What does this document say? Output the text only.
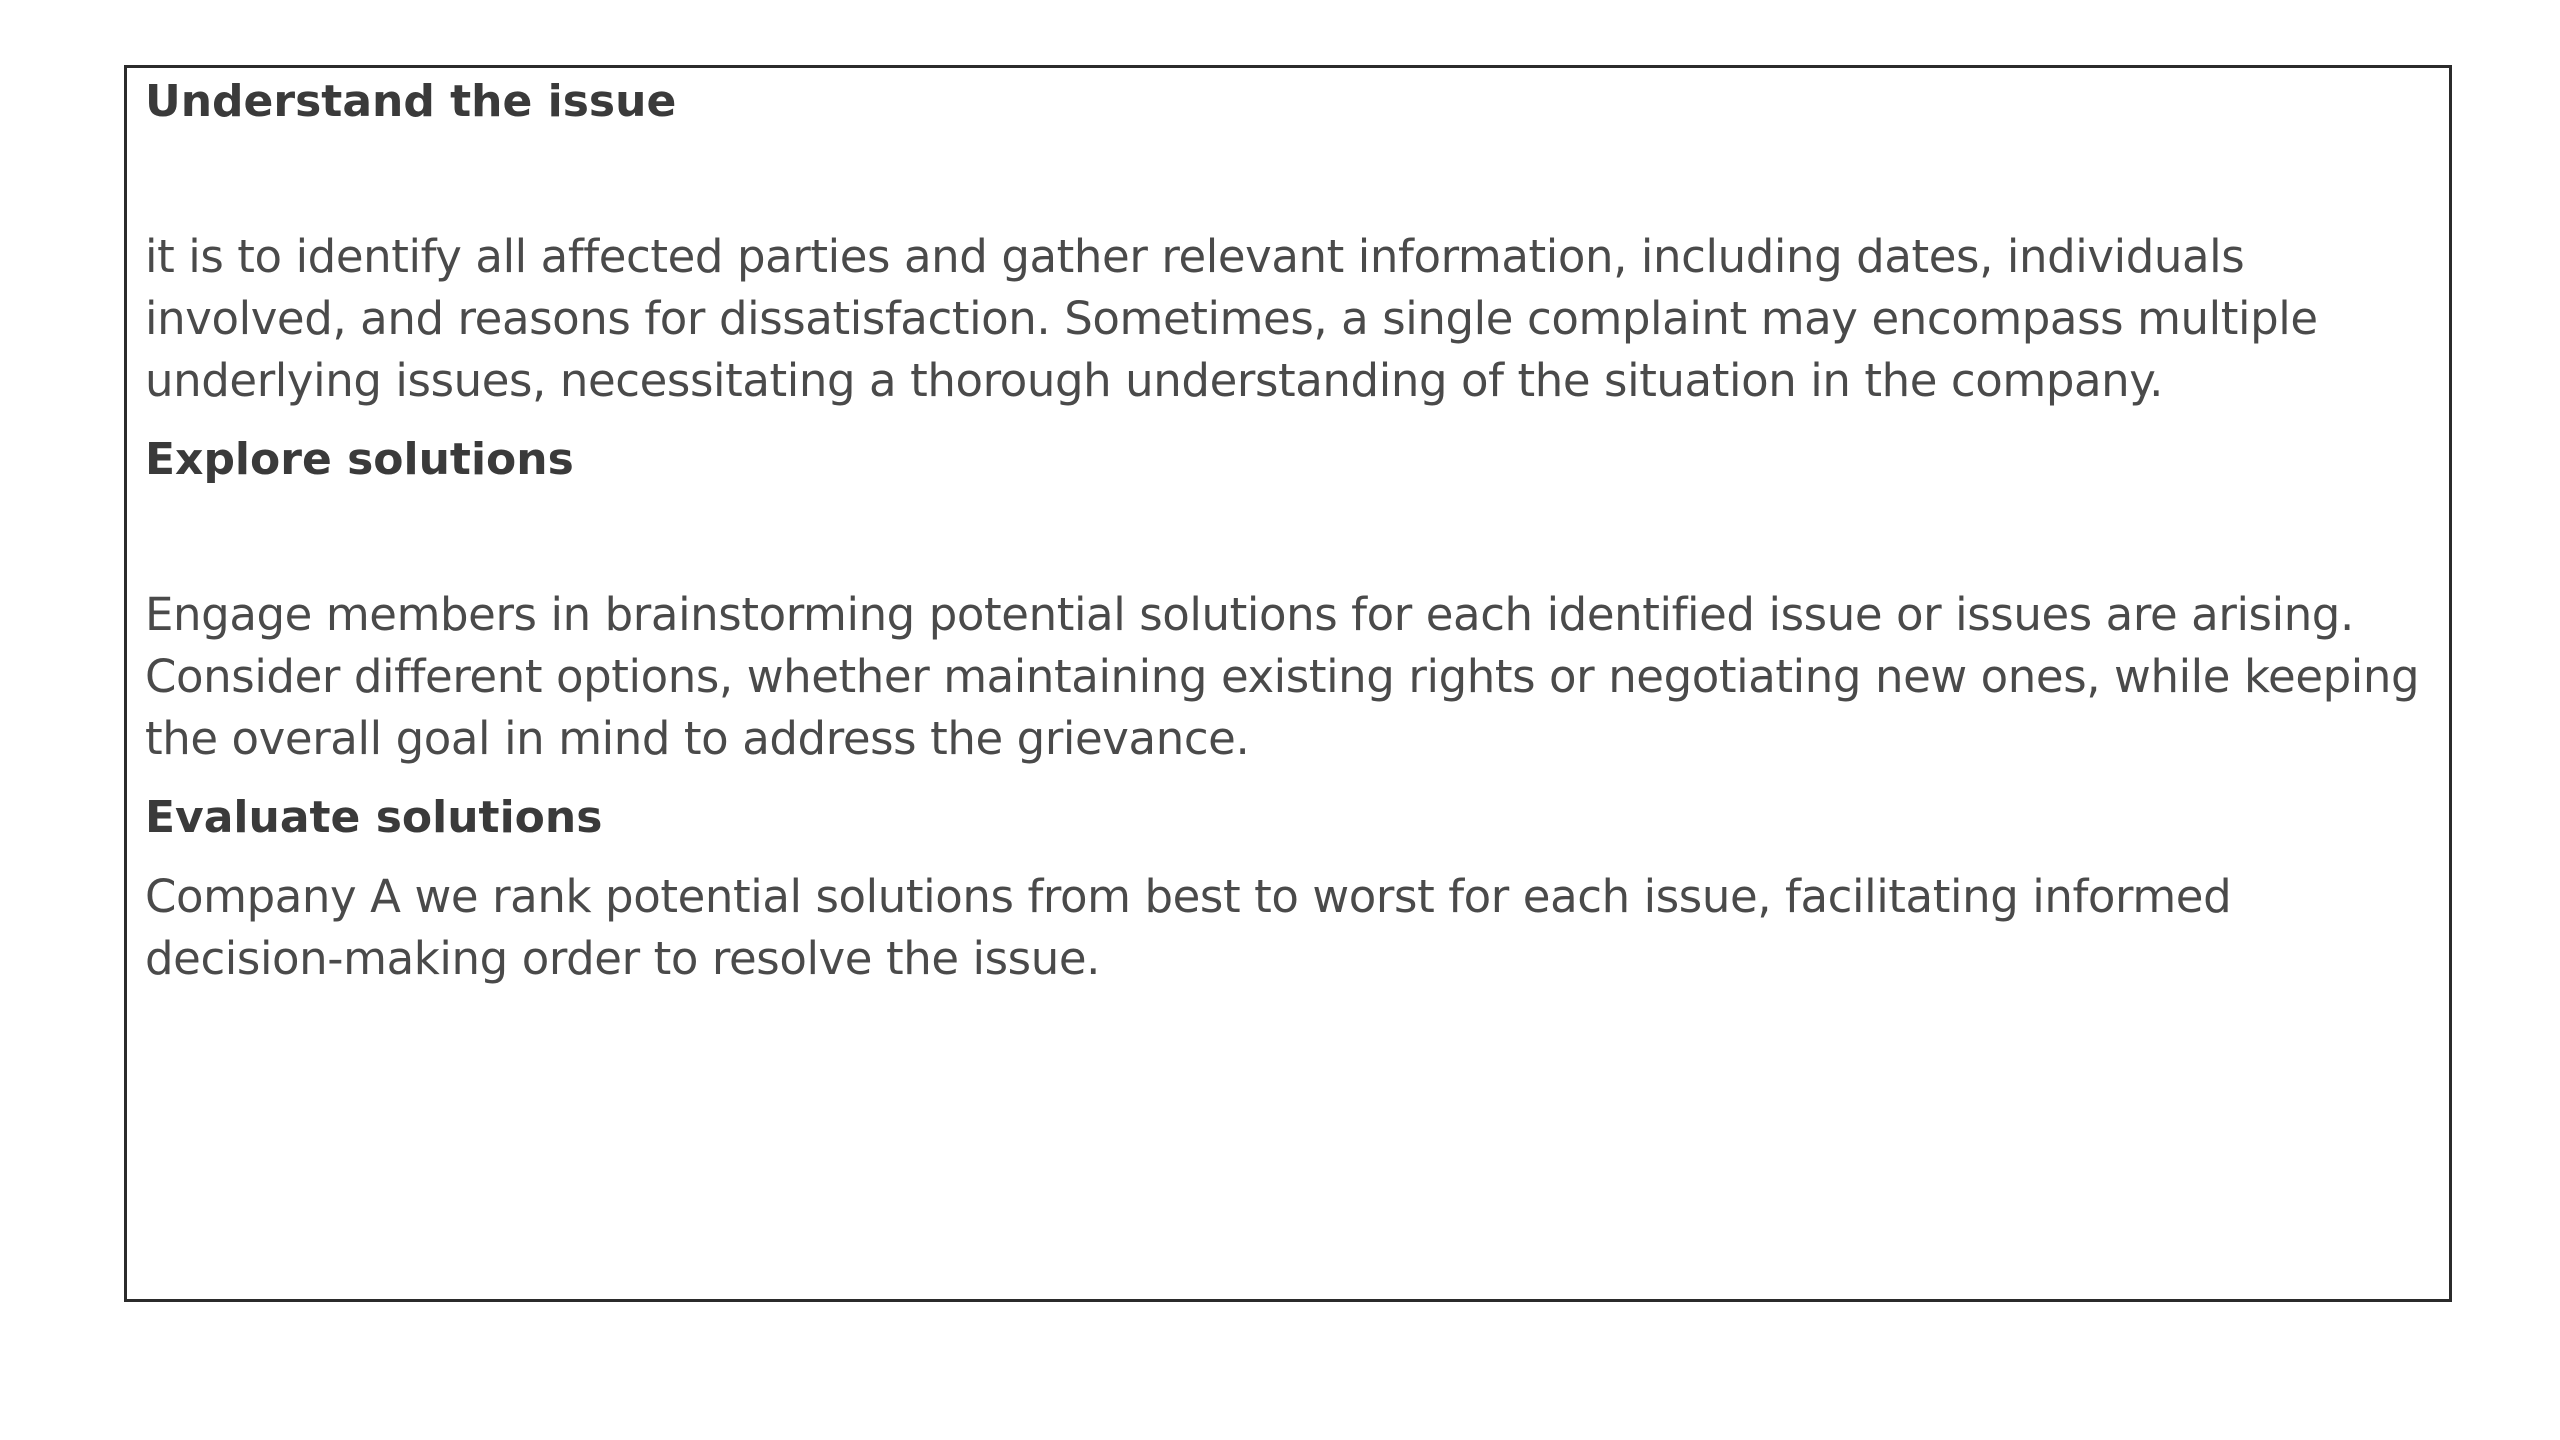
Understand the issue

it is to identify all affected parties and gather relevant information, including dates, individuals involved, and reasons for dissatisfaction. Sometimes, a single complaint may encompass multiple underlying issues, necessitating a thorough understanding of the situation in the company.

Explore solutions

Engage members in brainstorming potential solutions for each identified issue or issues are arising. Consider different options, whether maintaining existing rights or negotiating new ones, while keeping the overall goal in mind to address the grievance.

Evaluate solutions

Company A we rank potential solutions from best to worst for each issue, facilitating informed decision-making order to resolve the issue.
